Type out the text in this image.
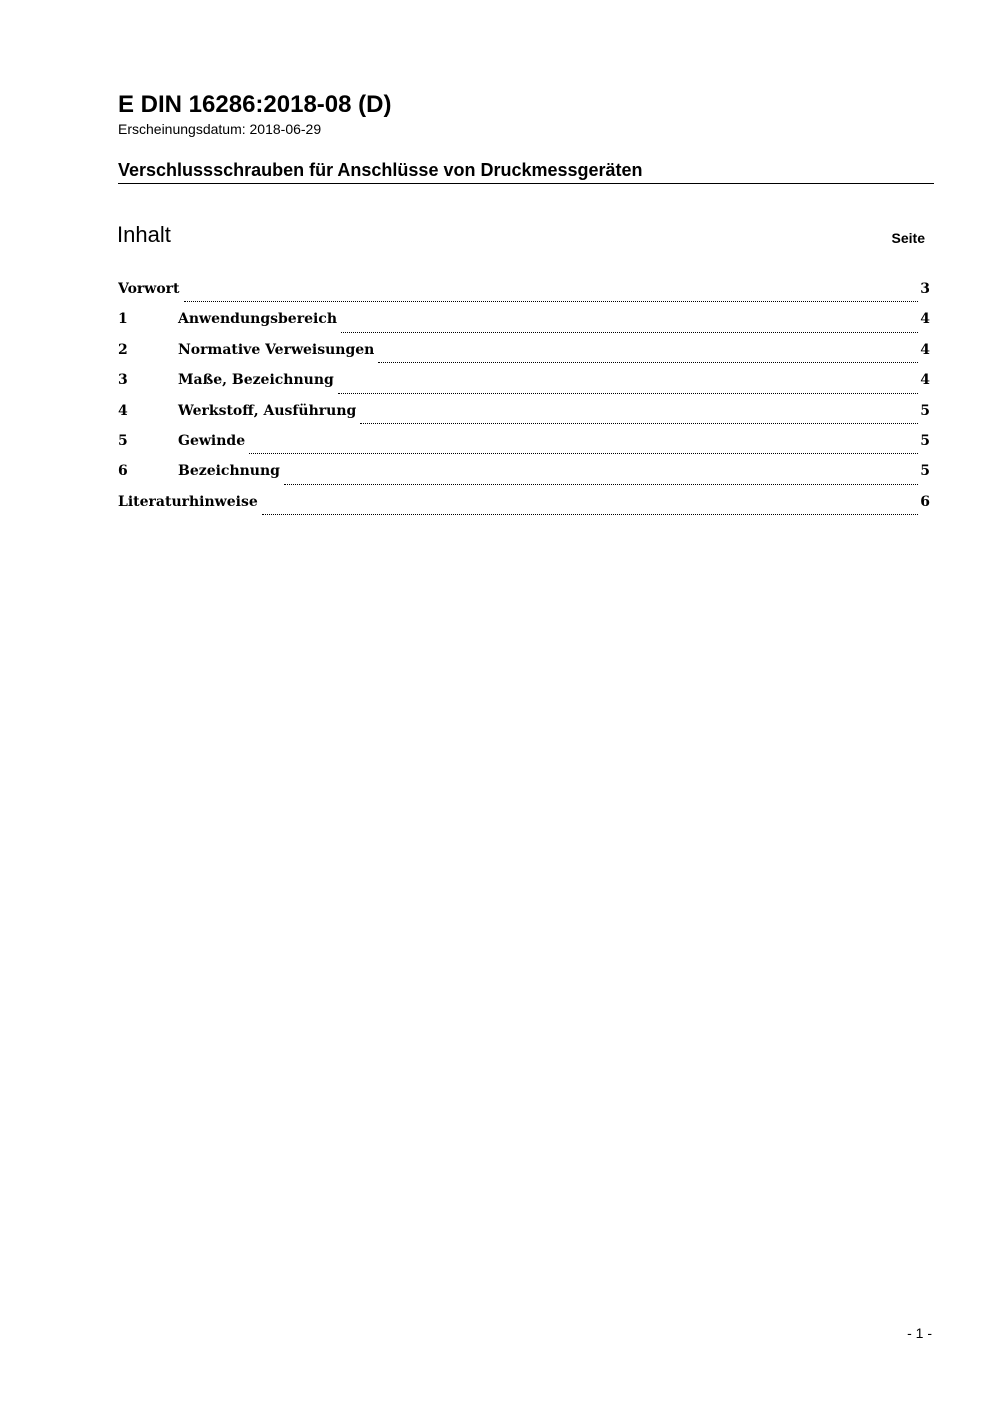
E DIN 16286:2018-08 (D)
Erscheinungsdatum: 2018-06-29
Verschlussschrauben für Anschlüsse von Druckmessgeräten
Inhalt	Seite
Vorwort	3
1	Anwendungsbereich	4
2	Normative Verweisungen	4
3	Maße, Bezeichnung	4
4	Werkstoff, Ausführung	5
5	Gewinde	5
6	Bezeichnung	5
Literaturhinweise	6
- 1 -
